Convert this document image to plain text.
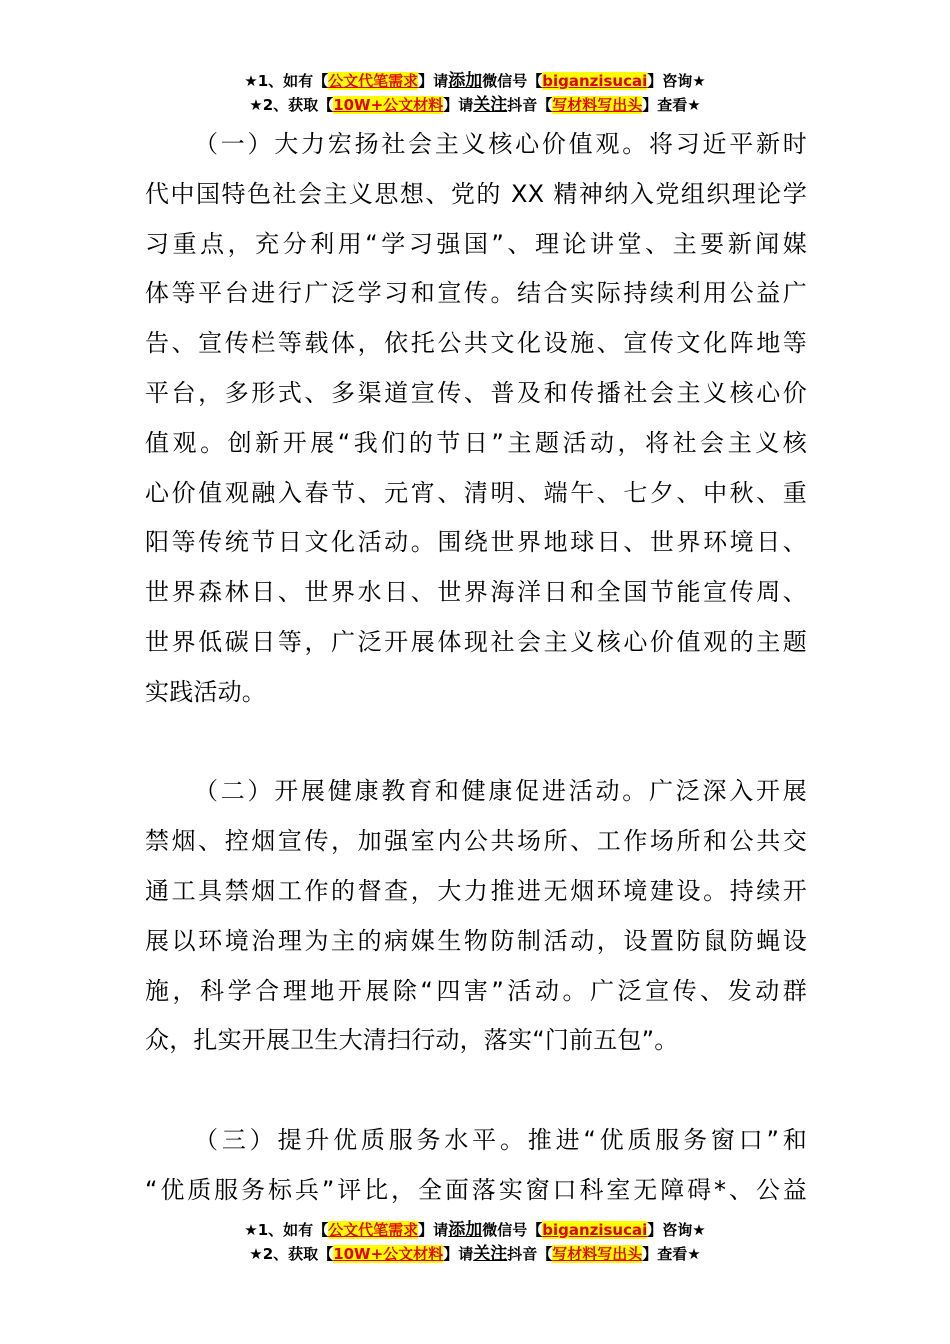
★1、如有【公文代笔需求】请添加微信号【biganzisucai】咨询★
★2、获取【10W+公文材料】请关注抖音【写材料写出头】查看★
（一）大力宏扬社会主义核心价值观。将习近平新时
代中国特色社会主义思想、党的 XX 精神纳入党组织理论学
习重点，充分利用“学习强国”、理论讲堂、主要新闻媒
体等平台进行广泛学习和宣传。结合实际持续利用公益广
告、宣传栏等载体，依托公共文化设施、宣传文化阵地等
平台，多形式、多渠道宣传、普及和传播社会主义核心价
值观。创新开展“我们的节日”主题活动，将社会主义核
心价值观融入春节、元宵、清明、端午、七夕、中秋、重
阳等传统节日文化活动。围绕世界地球日、世界环境日、
世界森林日、世界水日、世界海洋日和全国节能宣传周、
世界低碳日等，广泛开展体现社会主义核心价值观的主题
实践活动。
（二）开展健康教育和健康促进活动。广泛深入开展
禁烟、控烟宣传，加强室内公共场所、工作场所和公共交
通工具禁烟工作的督查，大力推进无烟环境建设。持续开
展以环境治理为主的病媒生物防制活动，设置防鼠防蝇设
施，科学合理地开展除“四害”活动。广泛宣传、发动群
众，扎实开展卫生大清扫行动，落实“门前五包”。
（三）提升优质服务水平。推进“优质服务窗口”和
“优质服务标兵”评比，全面落实窗口科室无障碍*、公益
★1、如有【公文代笔需求】请添加微信号【biganzisucai】咨询★
★2、获取【10W+公文材料】请关注抖音【写材料写出头】查看★
